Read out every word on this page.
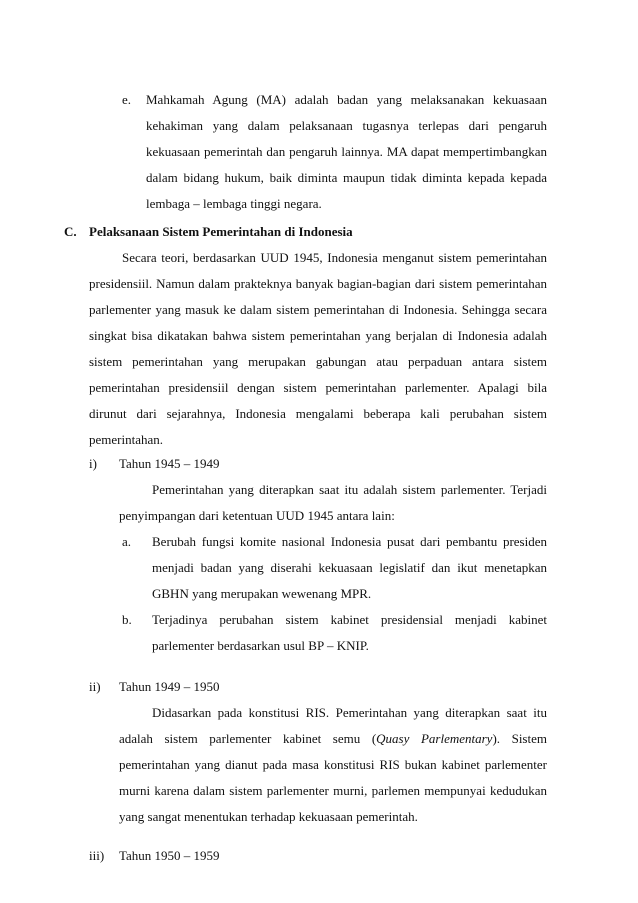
e. Mahkamah Agung (MA) adalah badan yang melaksanakan kekuasaan
kehakiman yang dalam pelaksanaan tugasnya terlepas dari pengaruh
kekuasaan pemerintah dan pengaruh lainnya. MA dapat mempertimbangkan
dalam bidang hukum, baik diminta maupun tidak diminta kepada kepada
lembaga – lembaga tinggi negara.
C. Pelaksanaan Sistem Pemerintahan di Indonesia
Secara teori, berdasarkan UUD 1945, Indonesia menganut sistem pemerintahan
presidensiil. Namun dalam prakteknya banyak bagian-bagian dari sistem pemerintahan
parlementer yang masuk ke dalam sistem pemerintahan di Indonesia. Sehingga secara
singkat bisa dikatakan bahwa sistem pemerintahan yang berjalan di Indonesia adalah
sistem pemerintahan yang merupakan gabungan atau perpaduan antara sistem
pemerintahan presidensiil dengan sistem pemerintahan parlementer. Apalagi bila
dirunut dari sejarahnya, Indonesia mengalami beberapa kali perubahan sistem
pemerintahan.
i) Tahun 1945 – 1949
Pemerintahan yang diterapkan saat itu adalah sistem parlementer. Terjadi
penyimpangan dari ketentuan UUD 1945 antara lain:
a. Berubah fungsi komite nasional Indonesia pusat dari pembantu presiden
menjadi badan yang diserahi kekuasaan legislatif dan ikut menetapkan
GBHN yang merupakan wewenang MPR.
b. Terjadinya perubahan sistem kabinet presidensial menjadi kabinet
parlementer berdasarkan usul BP – KNIP.
ii) Tahun 1949 – 1950
Didasarkan pada konstitusi RIS. Pemerintahan yang diterapkan saat itu
adalah sistem parlementer kabinet semu (Quasy Parlementary). Sistem
pemerintahan yang dianut pada masa konstitusi RIS bukan kabinet parlementer
murni karena dalam sistem parlementer murni, parlemen mempunyai kedudukan
yang sangat menentukan terhadap kekuasaan pemerintah.
iii) Tahun 1950 – 1959
